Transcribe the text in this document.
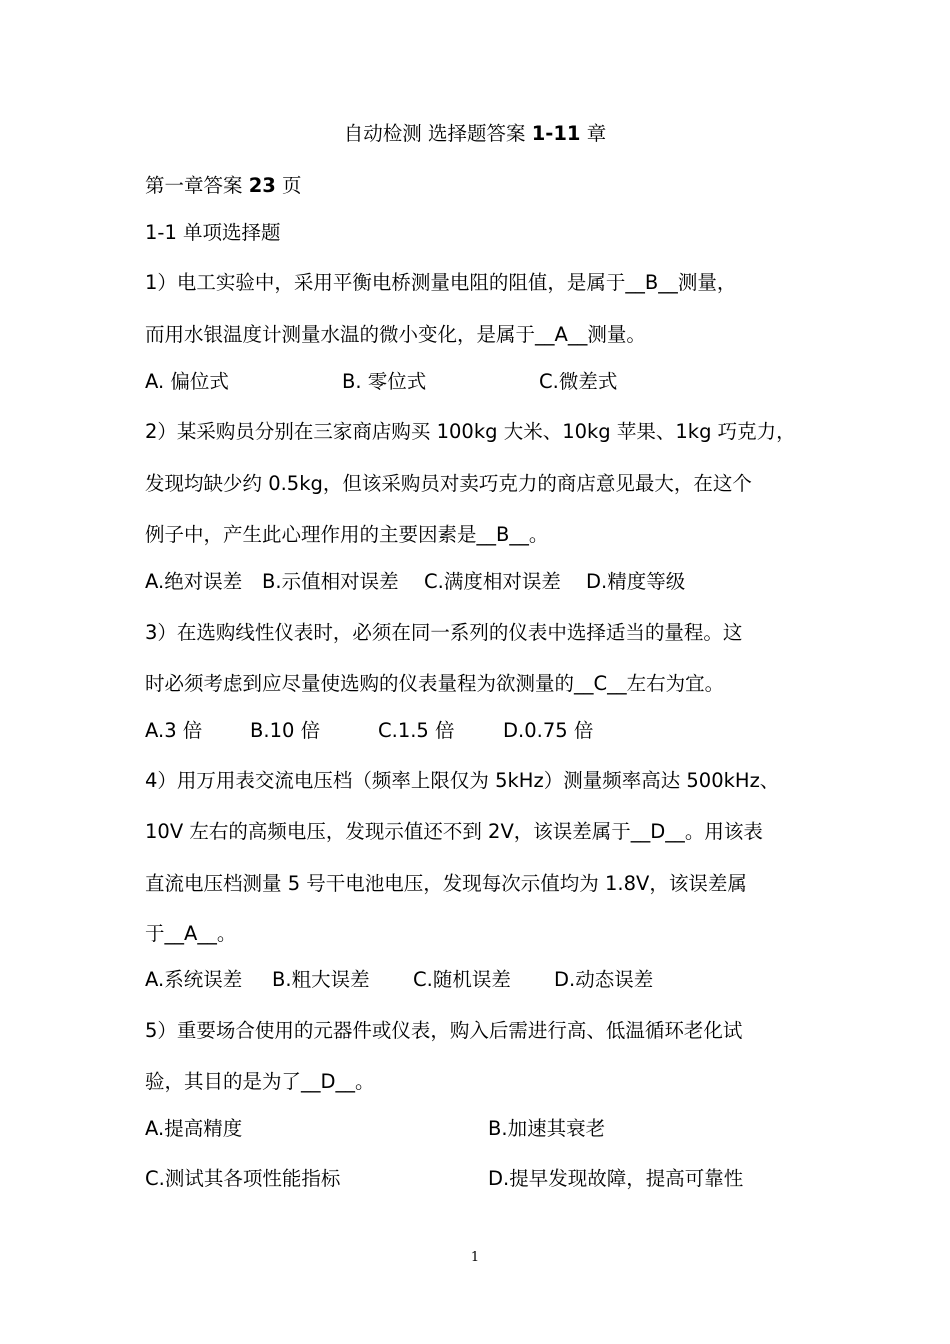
自动检测 选择题答案 1-11 章
第一章答案 23 页
1-1 单项选择题
1）电工实验中，采用平衡电桥测量电阻的阻值，是属于__B__测量，
而用水银温度计测量水温的微小变化，是属于__A__测量。
A. 偏位式	B. 零位式	C.微差式
2）某采购员分别在三家商店购买 100kg 大米、10kg 苹果、1kg 巧克力，
发现均缺少约 0.5kg，但该采购员对卖巧克力的商店意见最大，在这个
例子中，产生此心理作用的主要因素是__B__。
A.绝对误差 B.示值相对误差 C.满度相对误差 D.精度等级
3）在选购线性仪表时，必须在同一系列的仪表中选择适当的量程。这
时必须考虑到应尽量使选购的仪表量程为欲测量的__C__左右为宜。
A.3 倍 B.10 倍	C.1.5 倍 D.0.75 倍
4）用万用表交流电压档（频率上限仅为 5kHz）测量频率高达 500kHz、
10V 左右的高频电压，发现示值还不到 2V，该误差属于__D__。用该表
直流电压档测量 5 号干电池电压，发现每次示值均为 1.8V，该误差属
于__A__。
A.系统误差 B.粗大误差 C.随机误差 D.动态误差
5）重要场合使用的元器件或仪表，购入后需进行高、低温循环老化试
验，其目的是为了__D__。
A.提高精度	B.加速其衰老
C.测试其各项性能指标	D.提早发现故障，提高可靠性
1
